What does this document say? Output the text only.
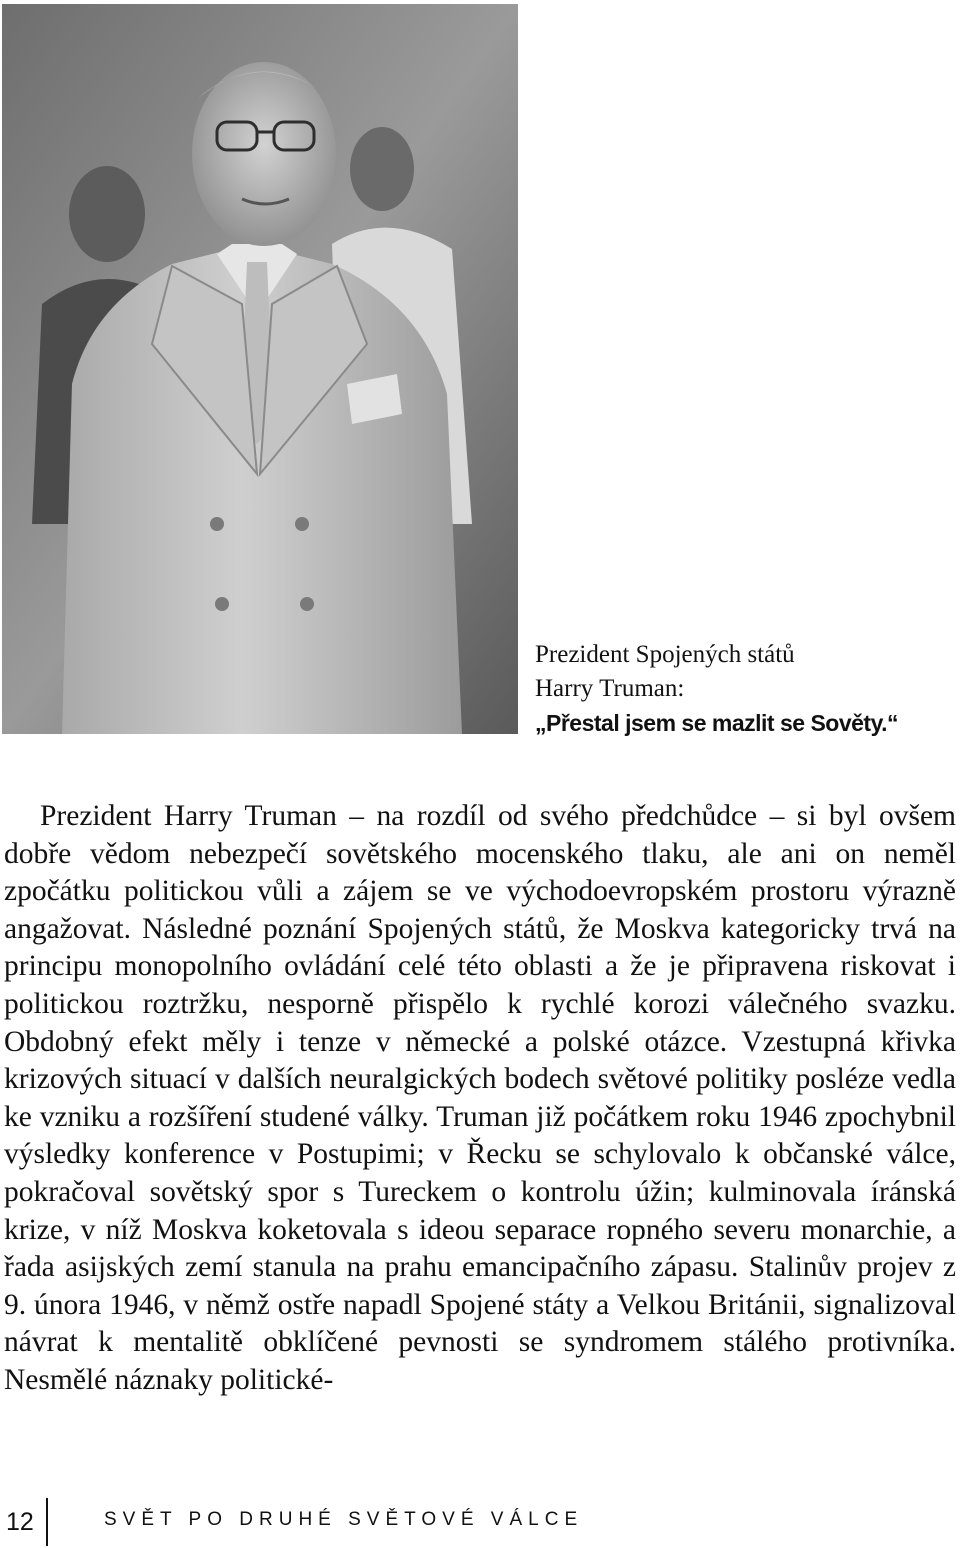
Prezident Spojených států
Harry Truman:
„Přestal jsem se mazlit se Sověty.“

Prezident Harry Truman – na rozdíl od svého předchůdce – si byl ovšem dobře vědom nebezpečí sovětského mocenského tlaku, ale ani on neměl zpočátku politickou vůli a zájem se ve východoevropském prostoru výrazně angažovat. Následné poznání Spojených států, že Moskva kategoricky trvá na principu monopolního ovládání celé této oblasti a že je připravena riskovat i politickou roztržku, nesporně přispělo k rychlé korozi válečného svazku. Obdobný efekt měly i tenze v německé a polské otázce. Vzestupná křivka krizových situací v dalších neuralgických bodech světové politiky posléze vedla ke vzniku a rozšíření studené války. Truman již počátkem roku 1946 zpochybnil výsledky konference v Postupimi; v Řecku se schylovalo k občanské válce, pokračoval sovětský spor s Tureckem o kontrolu úžin; kulminovala íránská krize, v níž Moskva koketovala s ideou separace ropného severu monarchie, a řada asijských zemí stanula na prahu emancipačního zápasu. Stalinův projev z 9. února 1946, v němž ostře napadl Spojené státy a Velkou Británii, signalizoval návrat k mentalitě obklíčené pevnosti se syndromem stálého protivníka. Nesmělé náznaky politické-

12	SVĚT PO DRUHÉ SVĚTOVÉ VÁLCE
